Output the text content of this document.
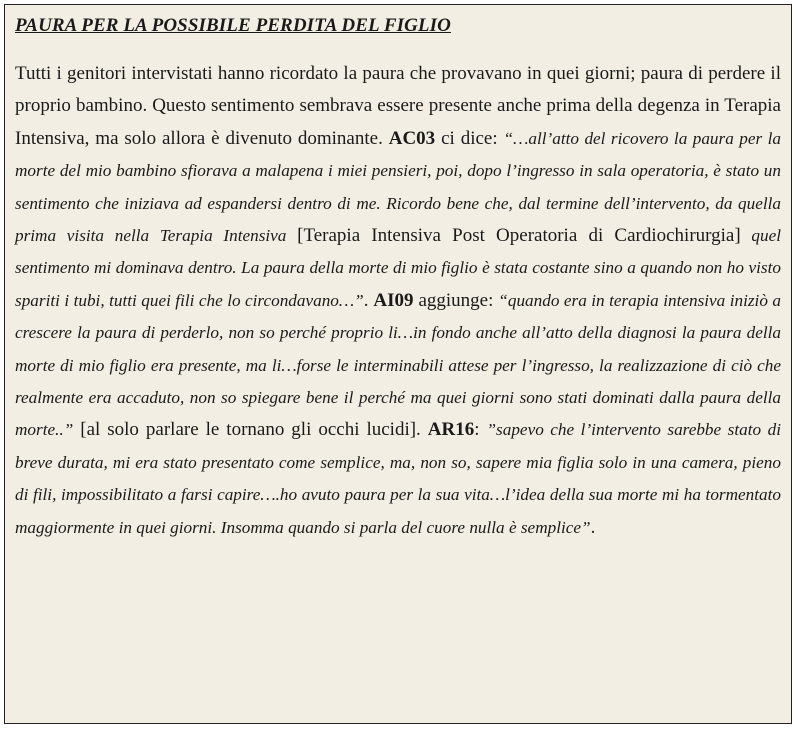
PAURA PER LA POSSIBILE PERDITA DEL FIGLIO

Tutti i genitori intervistati hanno ricordato la paura che provavano in quei giorni; paura di perdere il proprio bambino. Questo sentimento sembrava essere presente anche prima della degenza in Terapia Intensiva, ma solo allora è divenuto dominante. AC03 ci dice: “…all’atto del ricovero la paura per la morte del mio bambino sfiorava a malapena i miei pensieri, poi, dopo l’ingresso in sala operatoria, è stato un sentimento che iniziava ad espandersi dentro di me. Ricordo bene che, dal termine dell’intervento, da quella prima visita nella Terapia Intensiva [Terapia Intensiva Post Operatoria di Cardiochirurgia] quel sentimento mi dominava dentro. La paura della morte di mio figlio è stata costante sino a quando non ho visto spariti i tubi, tutti quei fili che lo circondavano…”. AI09 aggiunge: “quando era in terapia intensiva iniziò a crescere la paura di perderlo, non so perché proprio li…in fondo anche all’atto della diagnosi la paura della morte di mio figlio era presente, ma li…forse le interminabili attese per l’ingresso, la realizzazione di ciò che realmente era accaduto, non so spiegare bene il perché ma quei giorni sono stati dominati dalla paura della morte..” [al solo parlare le tornano gli occhi lucidi]. AR16: ”sapevo che l’intervento sarebbe stato di breve durata, mi era stato presentato come semplice, ma, non so, sapere mia figlia solo in una camera, pieno di fili, impossibilitato a farsi capire….ho avuto paura per la sua vita…l’idea della sua morte mi ha tormentato maggiormente in quei giorni. Insomma quando si parla del cuore nulla è semplice”.
